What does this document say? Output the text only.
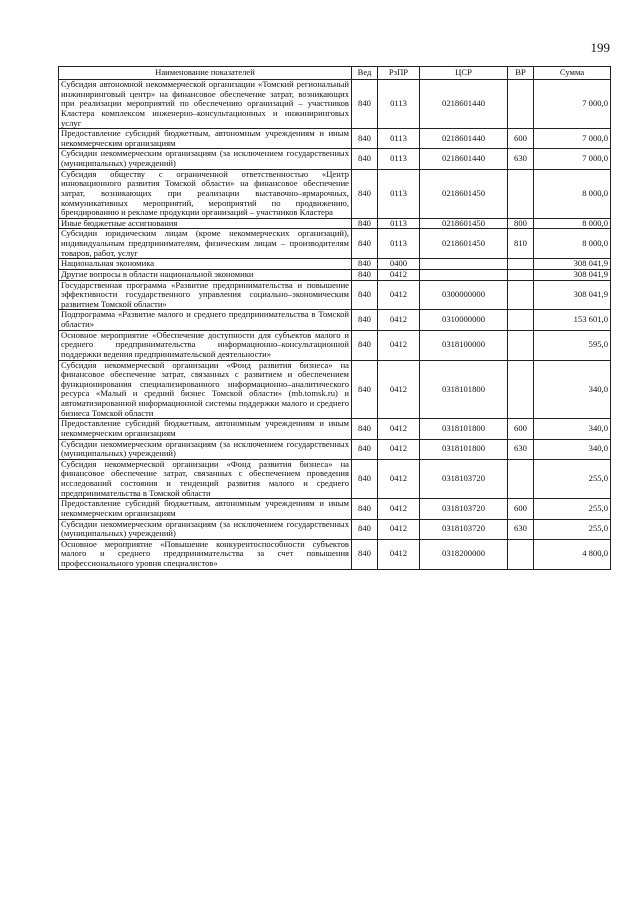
199
Наименование показателей	Вед	РзПР	ЦСР	ВР	Сумма
Субсидия автономной некоммерческой организации «Томский региональный инжиниринговый центр» на финансовое обеспечение затрат, возникающих при реализации мероприятий по обеспечению организаций – участников Кластера комплексом инженерно–консультационных и инжиниринговых услуг	840	0113	0218601440		7 000,0
Предоставление субсидий бюджетным, автономным учреждениям и иным некоммерческим организациям	840	0113	0218601440	600	7 000,0
Субсидии некоммерческим организациям (за исключением государственных (муниципальных) учреждений)	840	0113	0218601440	630	7 000,0
Субсидия обществу с ограниченной ответственностью «Центр инновационного развития Томской области» на финансовое обеспечение затрат, возникающих при реализации выставочно–ярмарочных, коммуникативных мероприятий, мероприятий по продвижению, брендированию и рекламе продукции организаций – участников Кластера	840	0113	0218601450		8 000,0
Иные бюджетные ассигнования	840	0113	0218601450	800	8 000,0
Субсидии юридическим лицам (кроме некоммерческих организаций), индивидуальным предпринимателям, физическим лицам – производителям товаров, работ, услуг	840	0113	0218601450	810	8 000,0
Национальная экономика	840	0400			308 041,9
Другие вопросы в области национальной экономики	840	0412			308 041,9
Государственная программа «Развитие предпринимательства и повышение эффективности государственного управления социально–экономическим развитием Томской области»	840	0412	0300000000		308 041,9
Подпрограмма «Развитие малого и среднего предпринимательства в Томской области»	840	0412	0310000000		153 601,0
Основное мероприятие «Обеспечение доступности для субъектов малого и среднего предпринимательства информационно–консультационной поддержки ведения предпринимательской деятельности»	840	0412	0318100000		595,0
Субсидия некоммерческой организации «Фонд развития бизнеса» на финансовое обеспечение затрат, связанных с развитием и обеспечением функционирования специализированного информационно–аналитического ресурса «Малый и средний бизнес Томской области» (mb.tomsk.ru) и автоматизированной информационной системы поддержки малого и среднего бизнеса Томской области	840	0412	0318101800		340,0
Предоставление субсидий бюджетным, автономным учреждениям и иным некоммерческим организациям	840	0412	0318101800	600	340,0
Субсидии некоммерческим организациям (за исключением государственных (муниципальных) учреждений)	840	0412	0318101800	630	340,0
Субсидия некоммерческой организации «Фонд развития бизнеса» на финансовое обеспечение затрат, связанных с обеспечением проведения исследований состояния и тенденций развития малого и среднего предпринимательства в Томской области	840	0412	0318103720		255,0
Предоставление субсидий бюджетным, автономным учреждениям и иным некоммерческим организациям	840	0412	0318103720	600	255,0
Субсидии некоммерческим организациям (за исключением государственных (муниципальных) учреждений)	840	0412	0318103720	630	255,0
Основное мероприятие «Повышение конкурентоспособности субъектов малого и среднего предпринимательства за счет повышения профессионального уровня специалистов»	840	0412	0318200000		4 800,0
